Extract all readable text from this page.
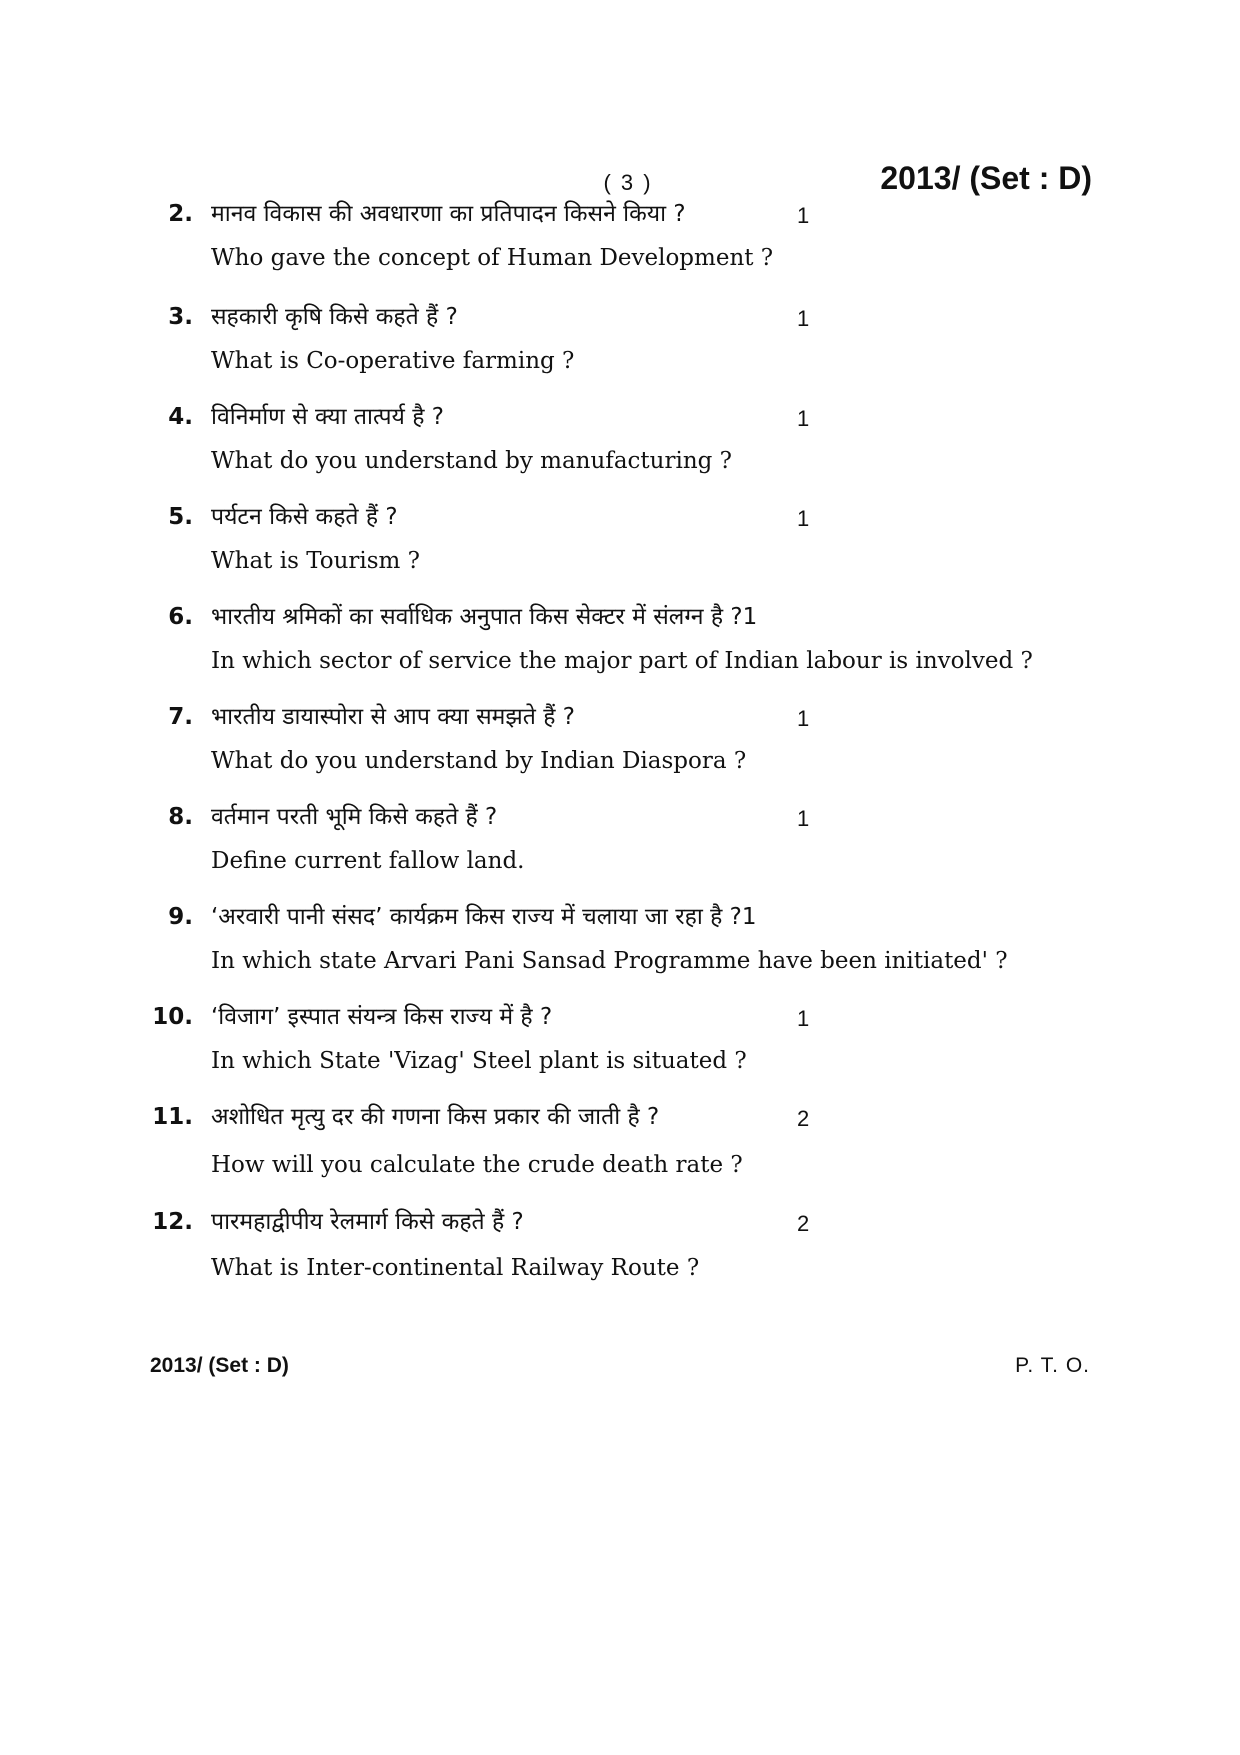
( 3 )	2013/ (Set : D)
2. मानव विकास की अवधारणा का प्रतिपादन किसने किया ?	1
Who gave the concept of Human Development ?
3. सहकारी कृषि किसे कहते हैं ?	1
What is Co-operative farming ?
4. विनिर्माण से क्या तात्पर्य है ?	1
What do you understand by manufacturing ?
5. पर्यटन किसे कहते हैं ?	1
What is Tourism ?
6. भारतीय श्रमिकों का सर्वाधिक अनुपात किस सेक्टर में संलग्न है ?1
In which sector of service the major part of Indian labour is involved ?
7. भारतीय डायास्पोरा से आप क्या समझते हैं ?	1
What do you understand by Indian Diaspora ?
8. वर्तमान परती भूमि किसे कहते हैं ?	1
Define current fallow land.
9. ‘अरवारी पानी संसद’ कार्यक्रम किस राज्य में चलाया जा रहा है ?1
In which state Arvari Pani Sansad Programme have been initiated' ?
10. ‘विजाग’ इस्पात संयन्त्र किस राज्य में है ?	1
In which State 'Vizag' Steel plant is situated ?
11. अशोधित मृत्यु दर की गणना किस प्रकार की जाती है ?	2
How will you calculate the crude death rate ?
12. पारमहाद्वीपीय रेलमार्ग किसे कहते हैं ?	2
What is Inter-continental Railway Route ?
2013/ (Set : D)	P. T. O.
